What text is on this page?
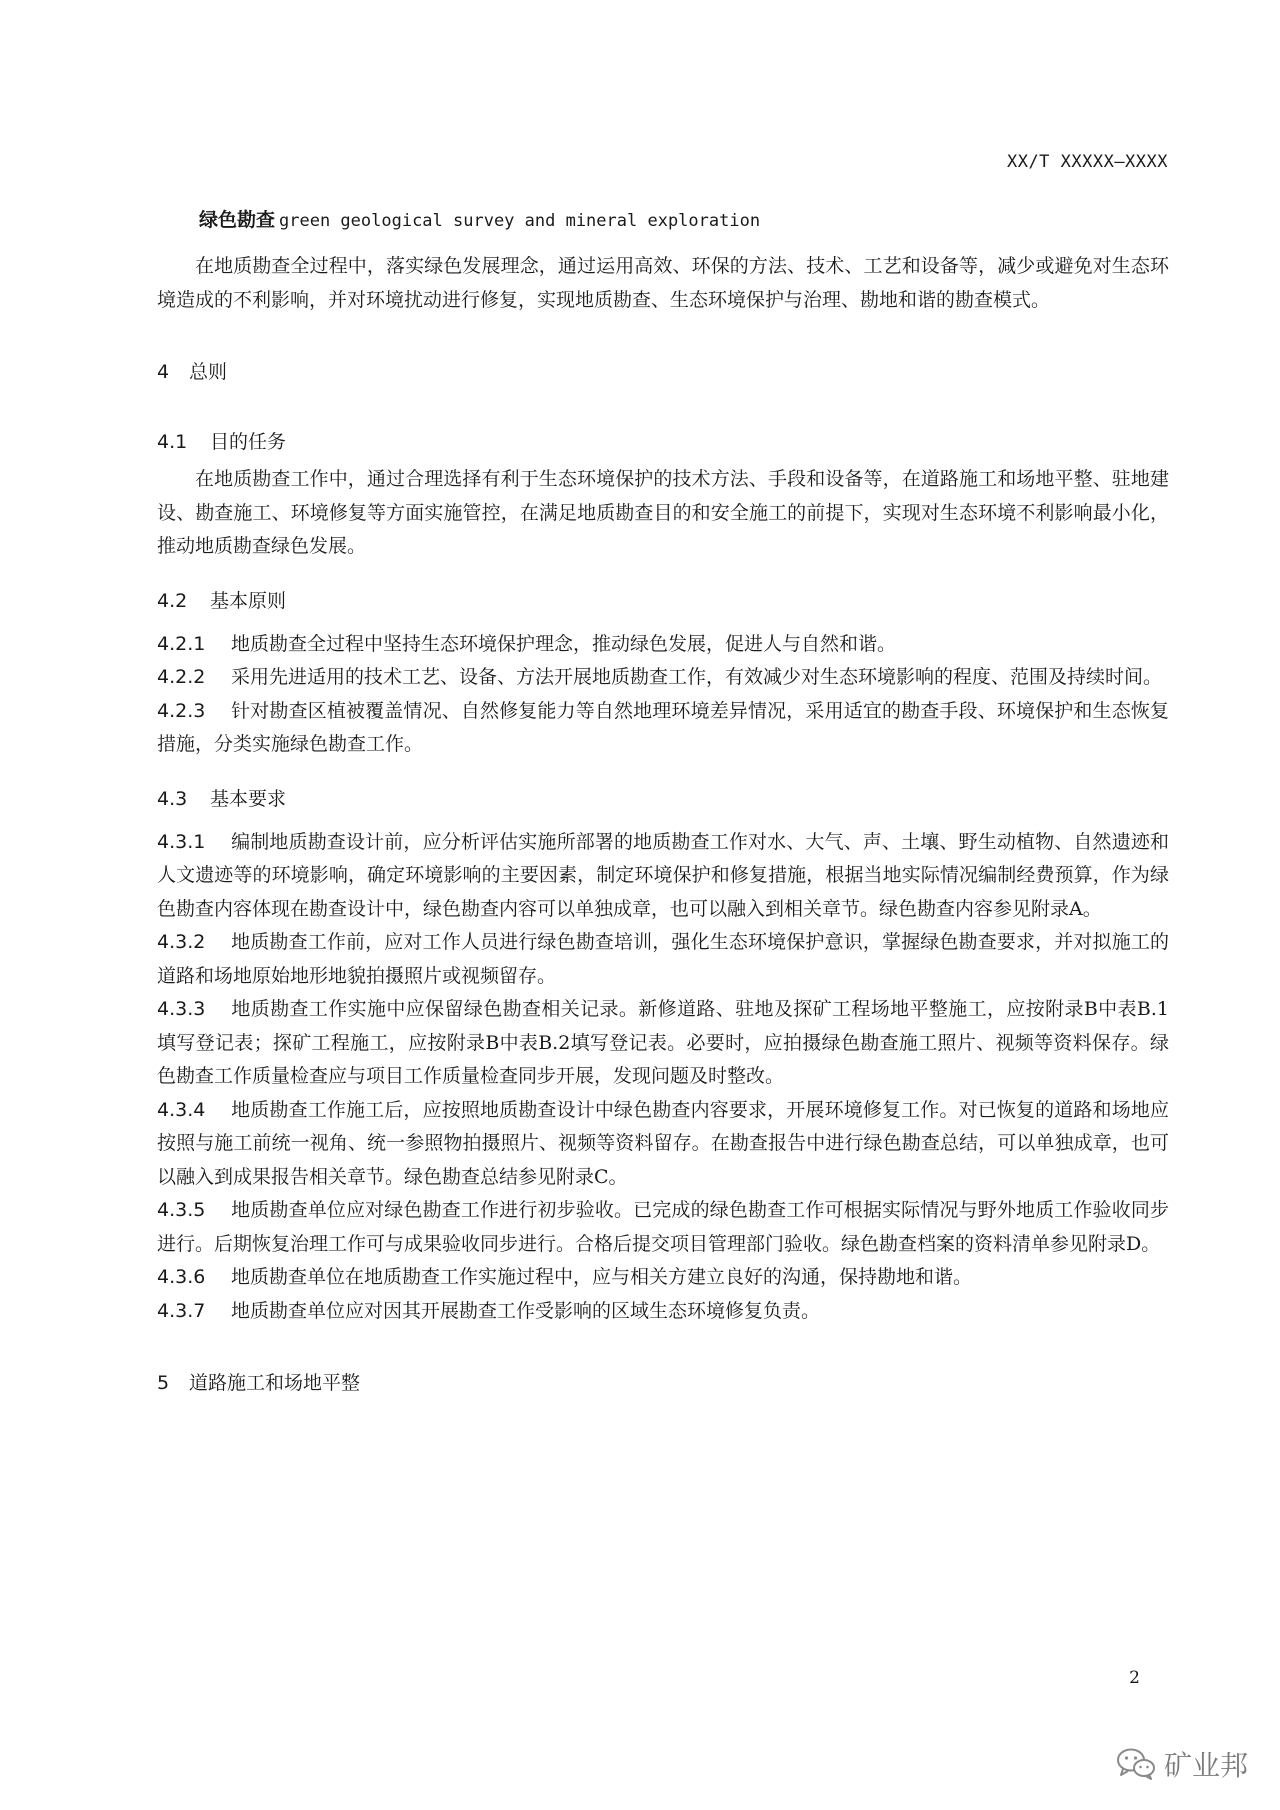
XX/T XXXXX—XXXX
绿色勘查 green geological survey and mineral exploration

在地质勘查全过程中，落实绿色发展理念，通过运用高效、环保的方法、技术、工艺和设备等，减少或避免对生态环境造成的不利影响，并对环境扰动进行修复，实现地质勘查、生态环境保护与治理、勘地和谐的勘查模式。

4 总则
4.1 目的任务

在地质勘查工作中，通过合理选择有利于生态环境保护的技术方法、手段和设备等，在道路施工和场地平整、驻地建设、勘查施工、环境修复等方面实施管控，在满足地质勘查目的和安全施工的前提下，实现对生态环境不利影响最小化，推动地质勘查绿色发展。

4.2 基本原则

4.2.1 地质勘查全过程中坚持生态环境保护理念，推动绿色发展，促进人与自然和谐。

4.2.2 采用先进适用的技术工艺、设备、方法开展地质勘查工作，有效减少对生态环境影响的程度、范围及持续时间。

4.2.3 针对勘查区植被覆盖情况、自然修复能力等自然地理环境差异情况，采用适宜的勘查手段、环境保护和生态恢复措施，分类实施绿色勘查工作。

4.3 基本要求

4.3.1 编制地质勘查设计前，应分析评估实施所部署的地质勘查工作对水、大气、声、土壤、野生动植物、自然遗迹和人文遗迹等的环境影响，确定环境影响的主要因素，制定环境保护和修复措施，根据当地实际情况编制经费预算，作为绿色勘查内容体现在勘查设计中，绿色勘查内容可以单独成章，也可以融入到相关章节。绿色勘查内容参见附录A。

4.3.2 地质勘查工作前，应对工作人员进行绿色勘查培训，强化生态环境保护意识，掌握绿色勘查要求，并对拟施工的道路和场地原始地形地貌拍摄照片或视频留存。

4.3.3 地质勘查工作实施中应保留绿色勘查相关记录。新修道路、驻地及探矿工程场地平整施工，应按附录B中表B.1填写登记表；探矿工程施工，应按附录B中表B.2填写登记表。必要时，应拍摄绿色勘查施工照片、视频等资料保存。绿色勘查工作质量检查应与项目工作质量检查同步开展，发现问题及时整改。

4.3.4 地质勘查工作施工后，应按照地质勘查设计中绿色勘查内容要求，开展环境修复工作。对已恢复的道路和场地应按照与施工前统一视角、统一参照物拍摄照片、视频等资料留存。在勘查报告中进行绿色勘查总结，可以单独成章，也可以融入到成果报告相关章节。绿色勘查总结参见附录C。

4.3.5 地质勘查单位应对绿色勘查工作进行初步验收。已完成的绿色勘查工作可根据实际情况与野外地质工作验收同步进行。后期恢复治理工作可与成果验收同步进行。合格后提交项目管理部门验收。绿色勘查档案的资料清单参见附录D。

4.3.6 地质勘查单位在地质勘查工作实施过程中，应与相关方建立良好的沟通，保持勘地和谐。

4.3.7 地质勘查单位应对因其开展勘查工作受影响的区域生态环境修复负责。

5 道路施工和场地平整
2
矿业邦
